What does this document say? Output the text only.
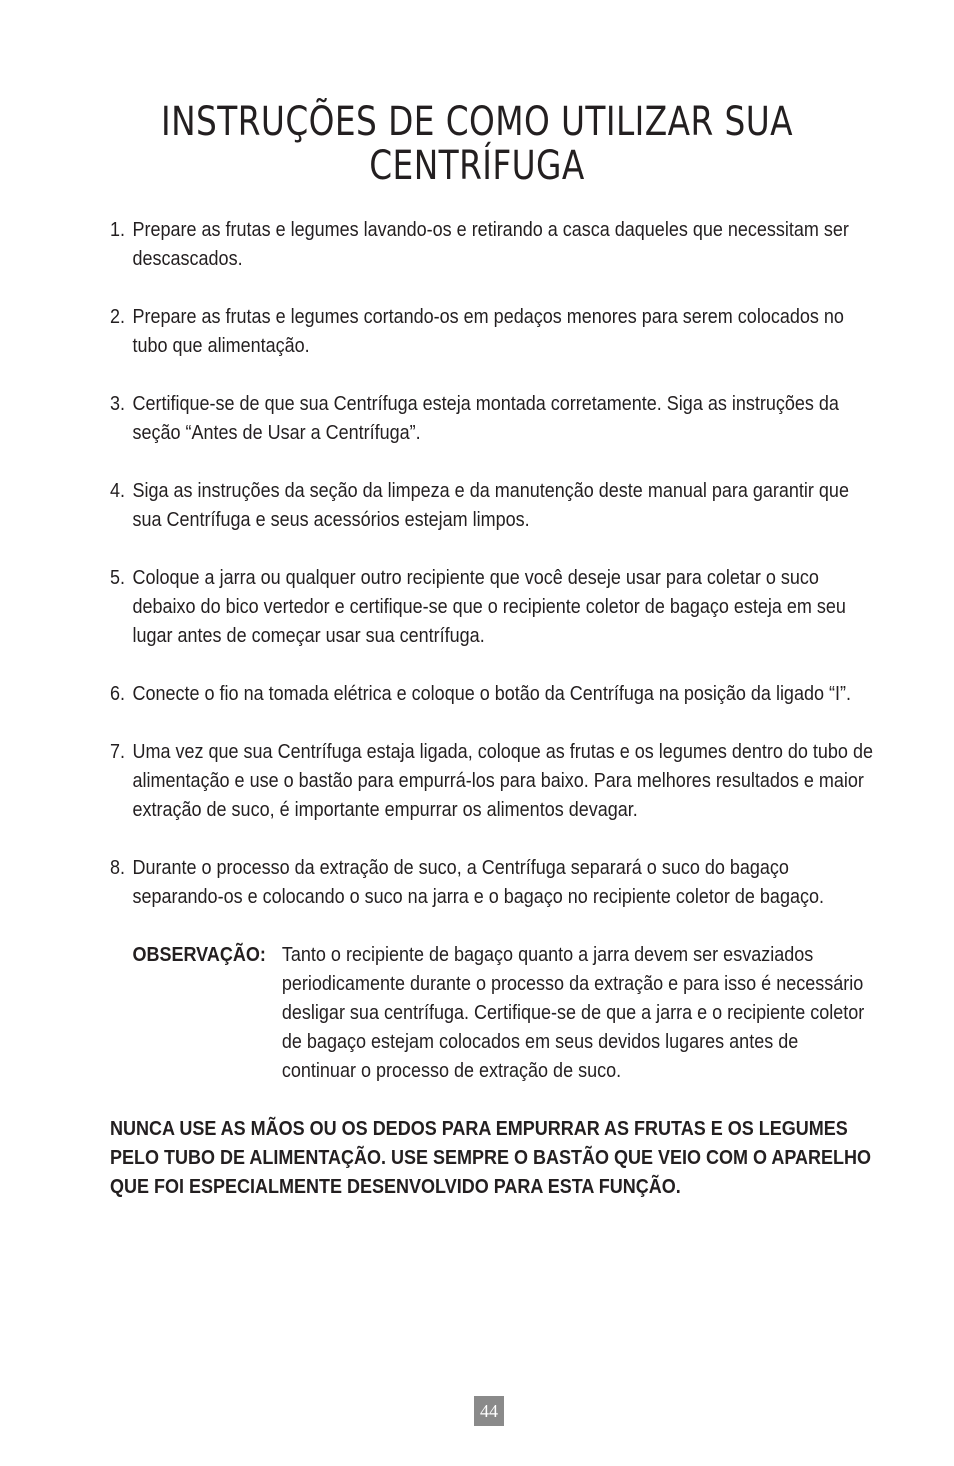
INSTRUÇÕES DE COMO UTILIZAR SUA
CENTRÍFUGA
1. Prepare as frutas e legumes lavando-os e retirando a casca daqueles que necessitam ser descascados.
2. Prepare as frutas e legumes cortando-os em pedaços menores para serem colocados no tubo que alimentação.
3. Certifique-se de que sua Centrífuga esteja montada corretamente. Siga as instruções da seção “Antes de Usar a Centrífuga”.
4. Siga as instruções da seção da limpeza e da manutenção deste manual para garantir que sua Centrífuga e seus acessórios estejam limpos.
5. Coloque a jarra ou qualquer outro recipiente que você deseje usar para coletar o suco debaixo do bico vertedor e certifique-se que o recipiente coletor de bagaço esteja em seu lugar antes de começar usar sua centrífuga.
6. Conecte o fio na tomada elétrica e coloque o botão da Centrífuga na posição da ligado “I”.
7. Uma vez que sua Centrífuga estaja ligada, coloque as frutas e os legumes dentro do tubo de alimentação e use o bastão para empurrá-los para baixo. Para melhores resultados e maior extração de suco, é importante empurrar os alimentos devagar.
8. Durante o processo da extração de suco, a Centrífuga separará o suco do bagaço separando-os e colocando o suco na jarra e o bagaço no recipiente coletor de bagaço.
OBSERVAÇÃO: Tanto o recipiente de bagaço quanto a jarra devem ser esvaziados periodicamente durante o processo da extração e para isso é necessário desligar sua centrífuga. Certifique-se de que a jarra e o recipiente coletor de bagaço estejam colocados em seus devidos lugares antes de continuar o processo de extração de suco.

NUNCA USE AS MÃOS OU OS DEDOS PARA EMPURRAR AS FRUTAS E OS LEGUMES PELO TUBO DE ALIMENTAÇÃO. USE SEMPRE O BASTÃO QUE VEIO COM O APARELHO QUE FOI ESPECIALMENTE DESENVOLVIDO PARA ESTA FUNÇÃO.

44
